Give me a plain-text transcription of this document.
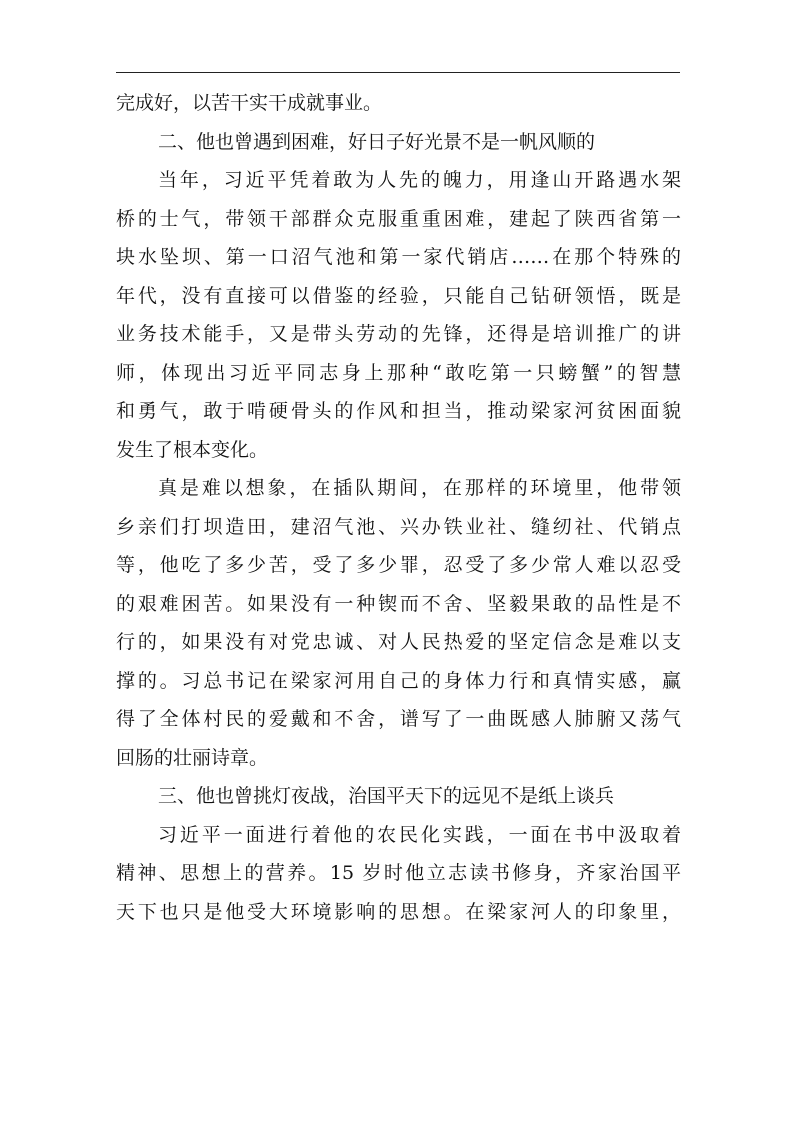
完成好，以苦干实干成就事业。
二、他也曾遇到困难，好日子好光景不是一帆风顺的
当年，习近平凭着敢为人先的魄力，用逢山开路遇水架
桥的士气，带领干部群众克服重重困难，建起了陕西省第一
块水坠坝、第一口沼气池和第一家代销店……在那个特殊的
年代，没有直接可以借鉴的经验，只能自己钻研领悟，既是
业务技术能手，又是带头劳动的先锋，还得是培训推广的讲
师，体现出习近平同志身上那种“敢吃第一只螃蟹”的智慧
和勇气，敢于啃硬骨头的作风和担当，推动梁家河贫困面貌
发生了根本变化。
真是难以想象，在插队期间，在那样的环境里，他带领
乡亲们打坝造田，建沼气池、兴办铁业社、缝纫社、代销点
等，他吃了多少苦，受了多少罪，忍受了多少常人难以忍受
的艰难困苦。如果没有一种锲而不舍、坚毅果敢的品性是不
行的，如果没有对党忠诚、对人民热爱的坚定信念是难以支
撑的。习总书记在梁家河用自己的身体力行和真情实感，赢
得了全体村民的爱戴和不舍，谱写了一曲既感人肺腑又荡气
回肠的壮丽诗章。
三、他也曾挑灯夜战，治国平天下的远见不是纸上谈兵
习近平一面进行着他的农民化实践，一面在书中汲取着
精神、思想上的营养。15 岁时他立志读书修身，齐家治国平
天下也只是他受大环境影响的思想。在梁家河人的印象里，
